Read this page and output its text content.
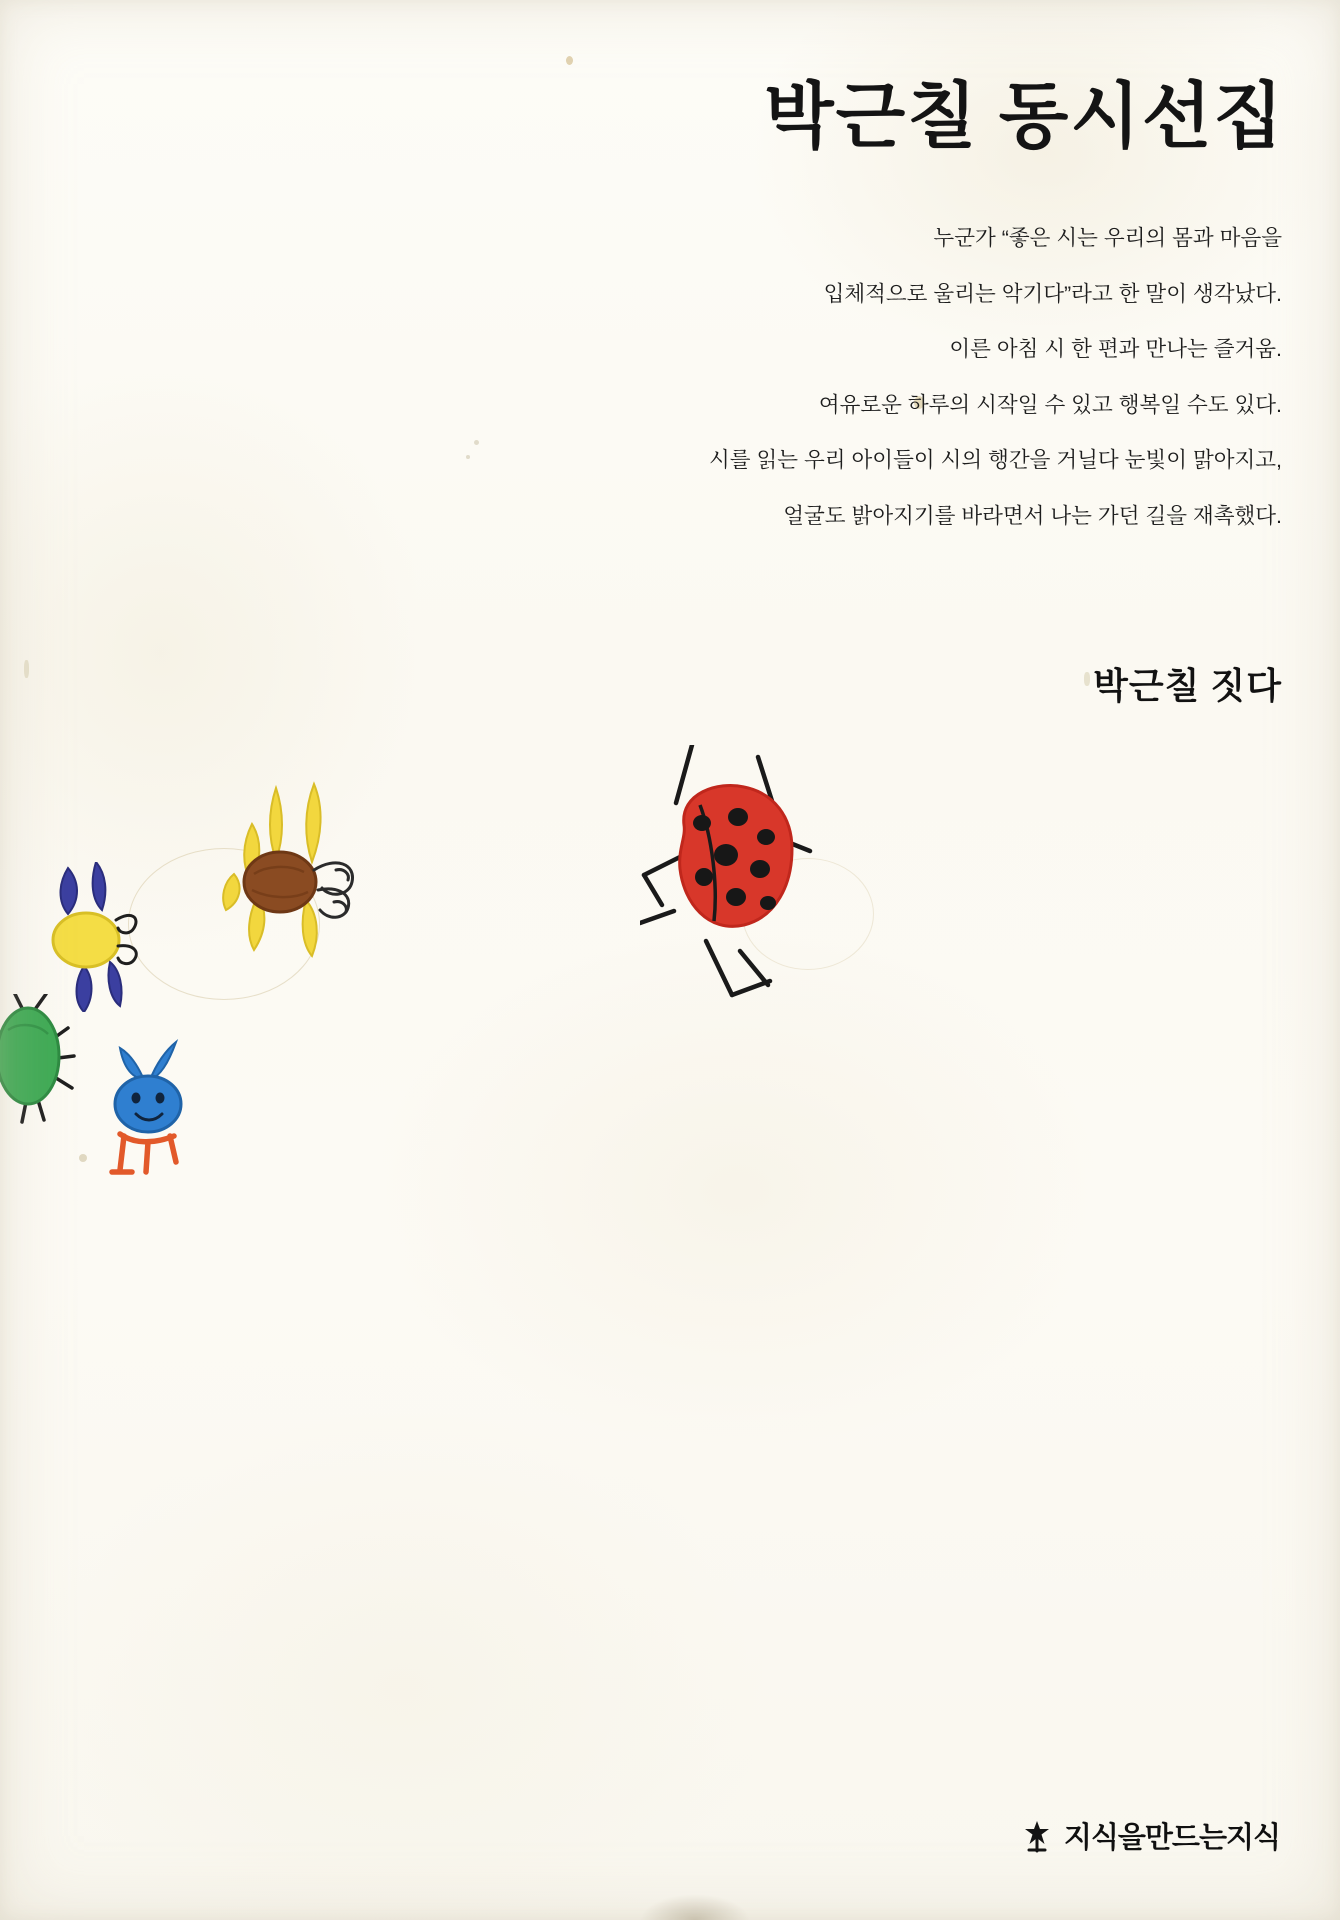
박근칠 동시선집
누군가 “좋은 시는 우리의 몸과 마음을
입체적으로 울리는 악기다”라고 한 말이 생각났다.
이른 아침 시 한 편과 만나는 즐거움.
여유로운 하루의 시작일 수 있고 행복일 수도 있다.
시를 읽는 우리 아이들이 시의 행간을 거닐다 눈빛이 맑아지고,
얼굴도 밝아지기를 바라면서 나는 가던 길을 재촉했다.
박근칠 짓다
지식을만드는지식
